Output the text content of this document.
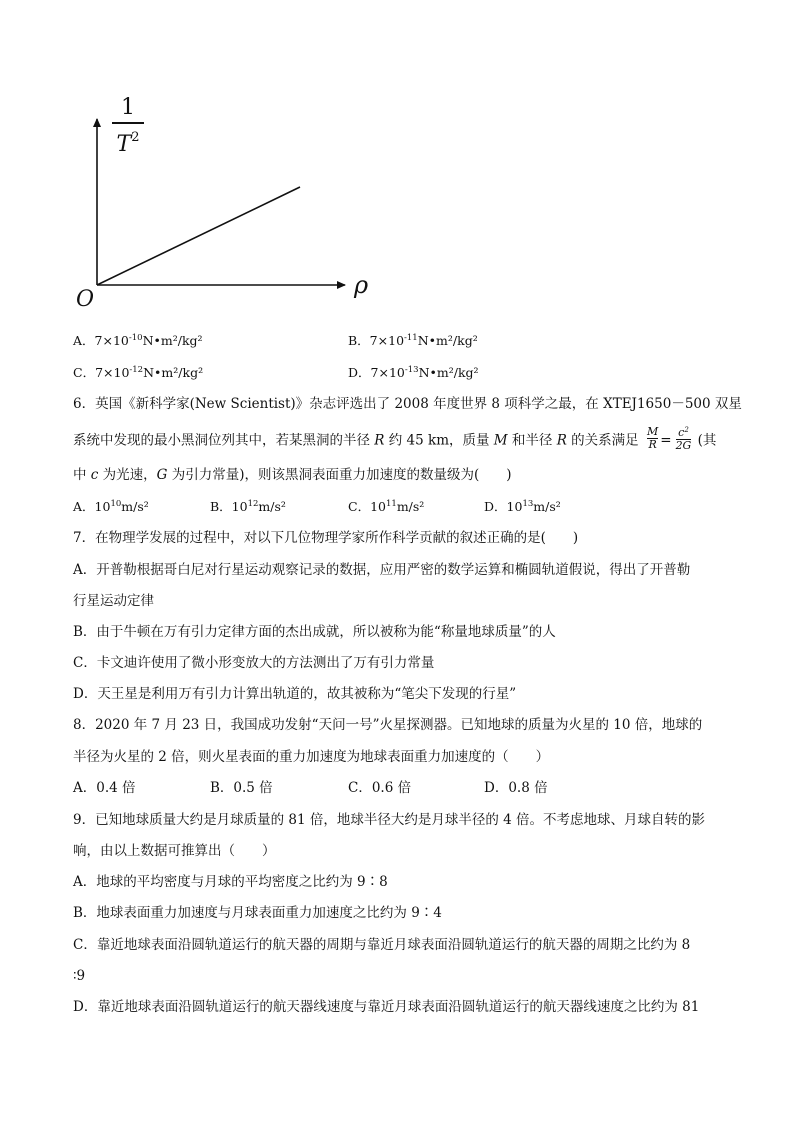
1
$T^2$
ρ
O
A．$7\times 10^{-10}N•m^2$/kg²	B．$7\times 10^{-11}N•m^2$/kg²
C．$7\times 10^{-12}N•m^2$/kg²	D．$7\times 10^{-13}N•m^2$/kg²
6．英国《新科学家(New Scientist)》杂志评选出了 2008 年度世界 8 项科学之最，在 XTEJ1650－500 双星
系统中发现的最小黑洞位列其中，若某黑洞的半径 R 约 45 km，质量 M 和半径 R 的关系满足 $\frac{M}{R} = \frac{c^2}{2G}$ (其
中 c 为光速，G 为引力常量)，则该黑洞表面重力加速度的数量级为(　　)
A．$10^{10}m/s^2$	B．$10^{12}m/s^2$	C．$10^{11}m/s^2$	D．$10^{13}m/s^2$
7．在物理学发展的过程中，对以下几位物理学家所作科学贡献的叙述正确的是(　　)
A．开普勒根据哥白尼对行星运动观察记录的数据，应用严密的数学运算和椭圆轨道假说，得出了开普勒
行星运动定律
B．由于牛顿在万有引力定律方面的杰出成就，所以被称为能“称量地球质量”的人
C．卡文迪许使用了微小形变放大的方法测出了万有引力常量
D．天王星是利用万有引力计算出轨道的，故其被称为“笔尖下发现的行星”
8．2020 年 7 月 23 日，我国成功发射“天问一号”火星探测器。已知地球的质量为火星的 10 倍，地球的
半径为火星的 2 倍，则火星表面的重力加速度为地球表面重力加速度的（　　）
A．0.4 倍	B．0.5 倍	C．0.6 倍	D．0.8 倍
9．已知地球质量大约是月球质量的 81 倍，地球半径大约是月球半径的 4 倍。不考虑地球、月球自转的影
响，由以上数据可推算出（　　）
A．地球的平均密度与月球的平均密度之比约为 9∶8
B．地球表面重力加速度与月球表面重力加速度之比约为 9∶4
C．靠近地球表面沿圆轨道运行的航天器的周期与靠近月球表面沿圆轨道运行的航天器的周期之比约为 8
∶9
D．靠近地球表面沿圆轨道运行的航天器线速度与靠近月球表面沿圆轨道运行的航天器线速度之比约为 81
